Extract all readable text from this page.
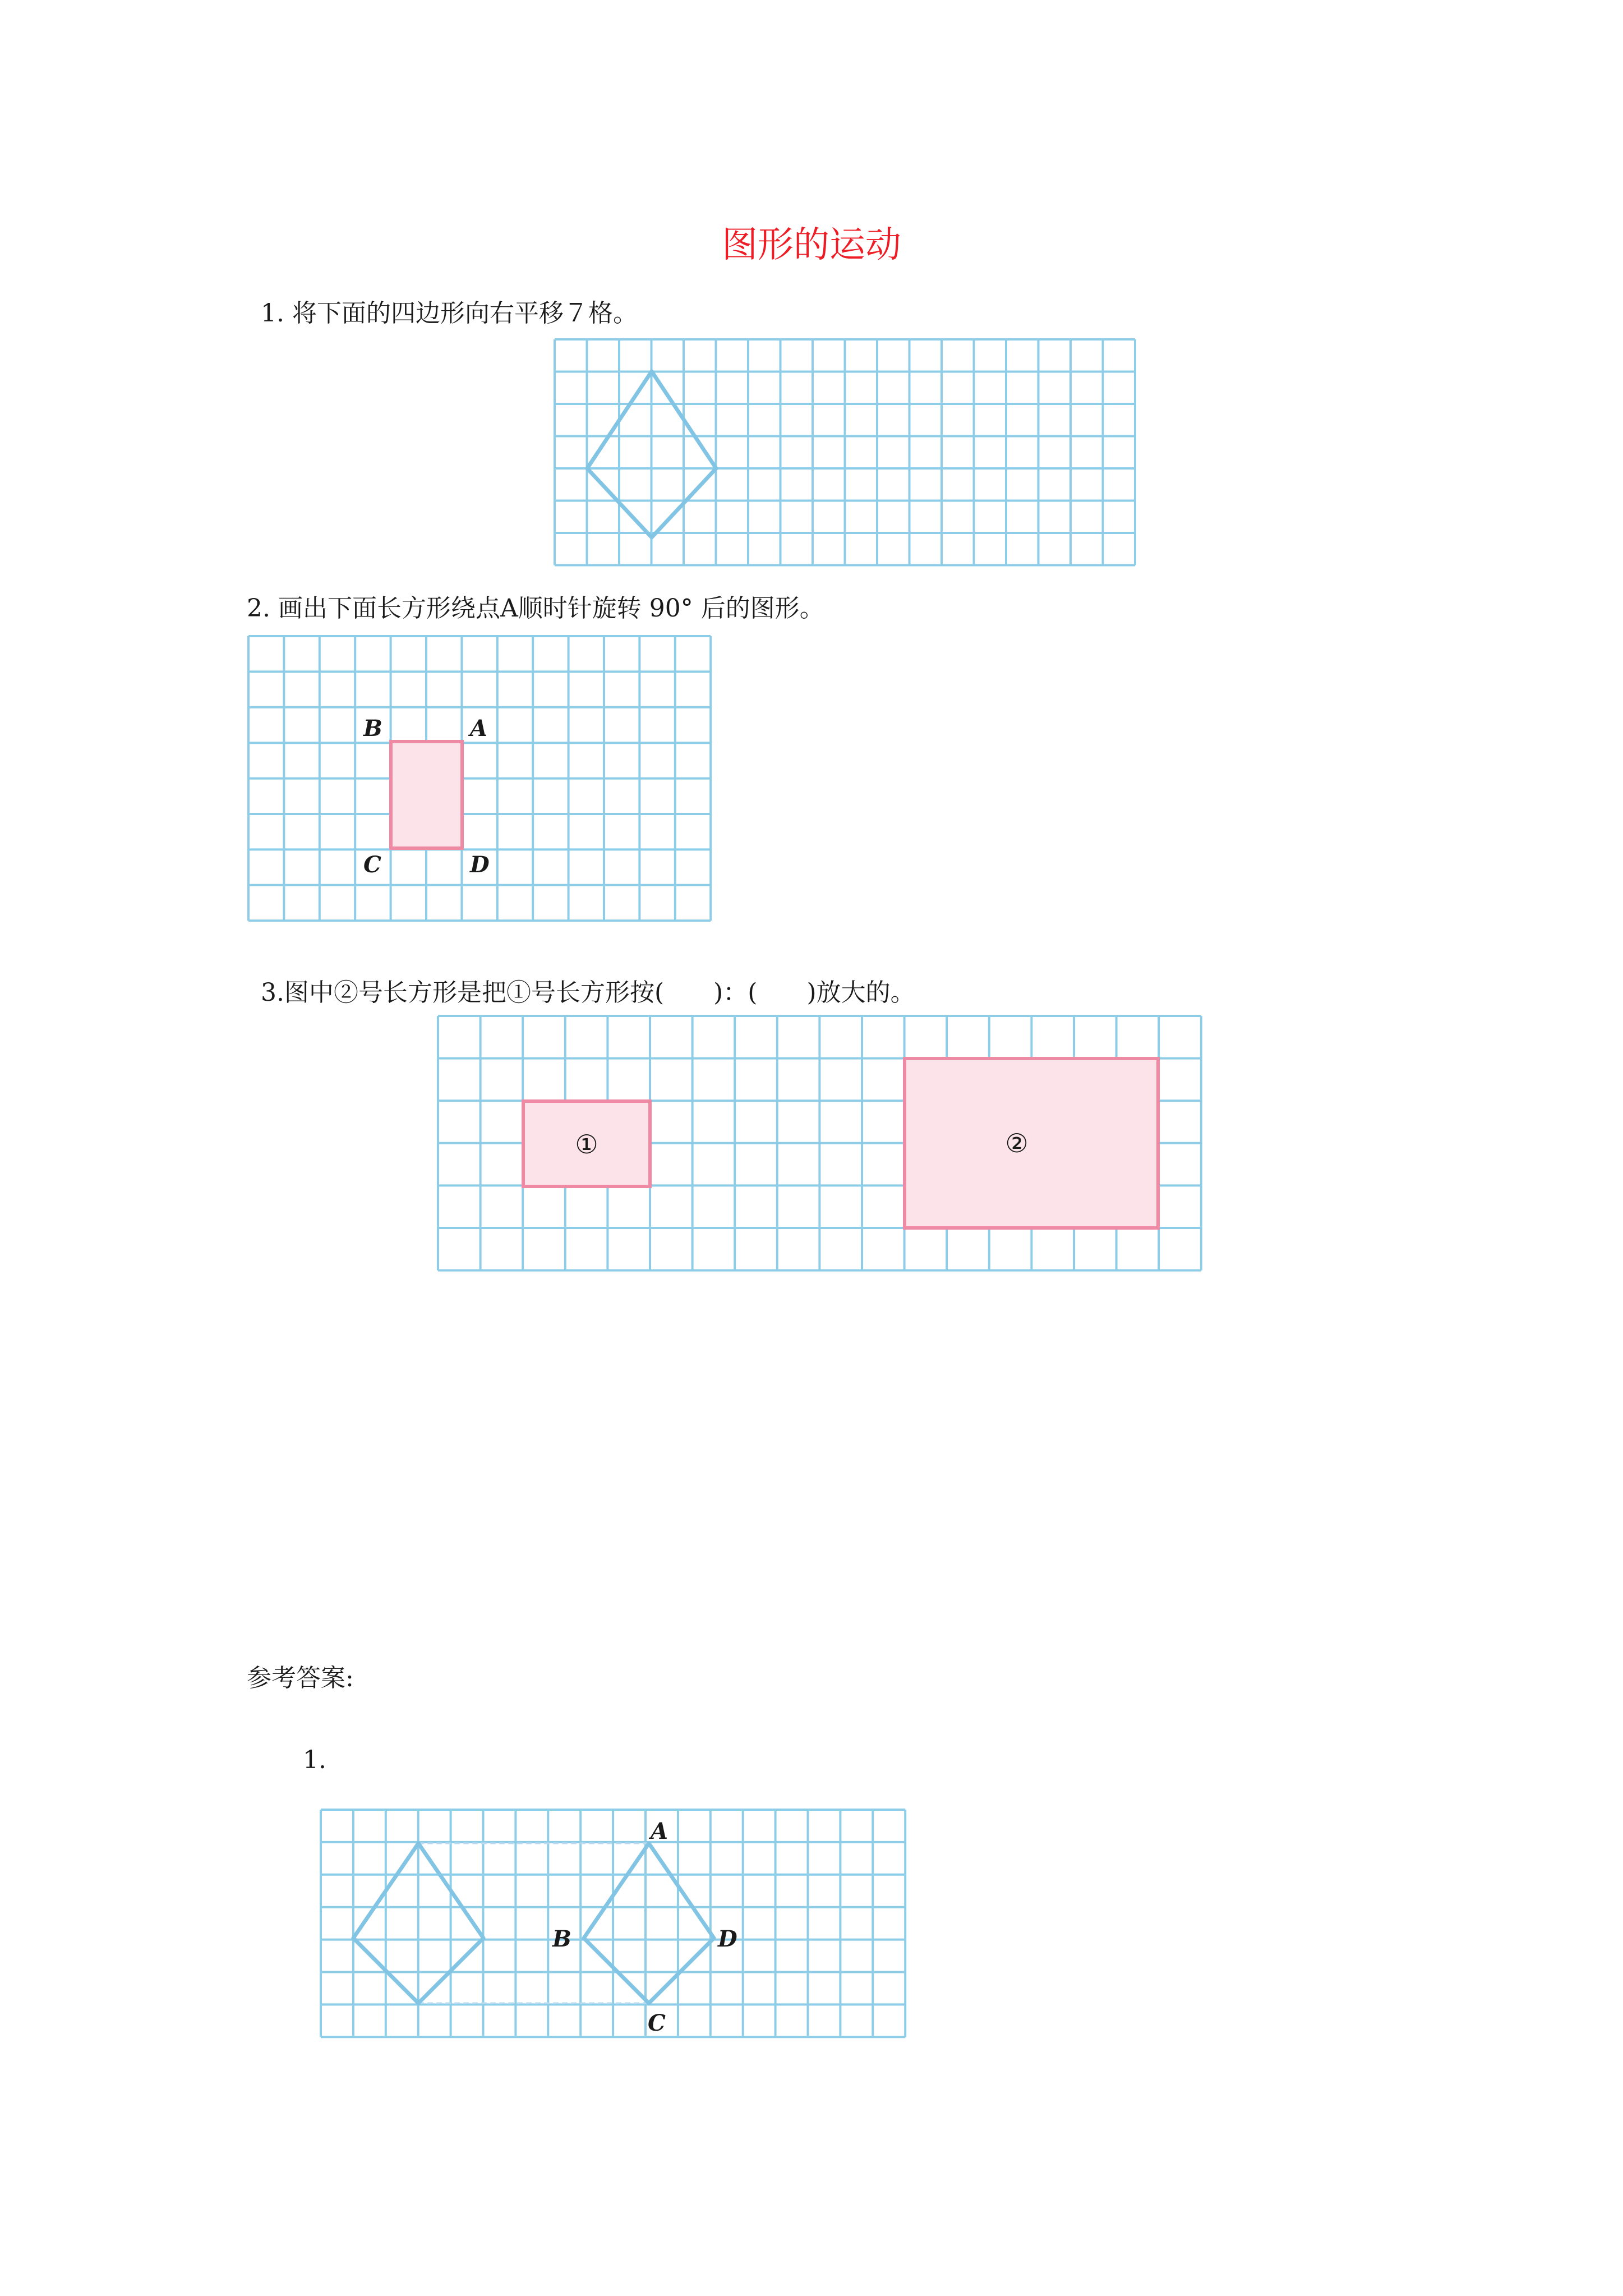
图形的运动
1. 将下面的四边形向右平移７格。
2. 画出下面长方形绕点A顺时针旋转 90° 后的图形。
3.图中②号长方形是把①号长方形按(　　)：(　　)放大的。
参考答案:
1.
B	A
C	D
①	②
A
B	D
C
